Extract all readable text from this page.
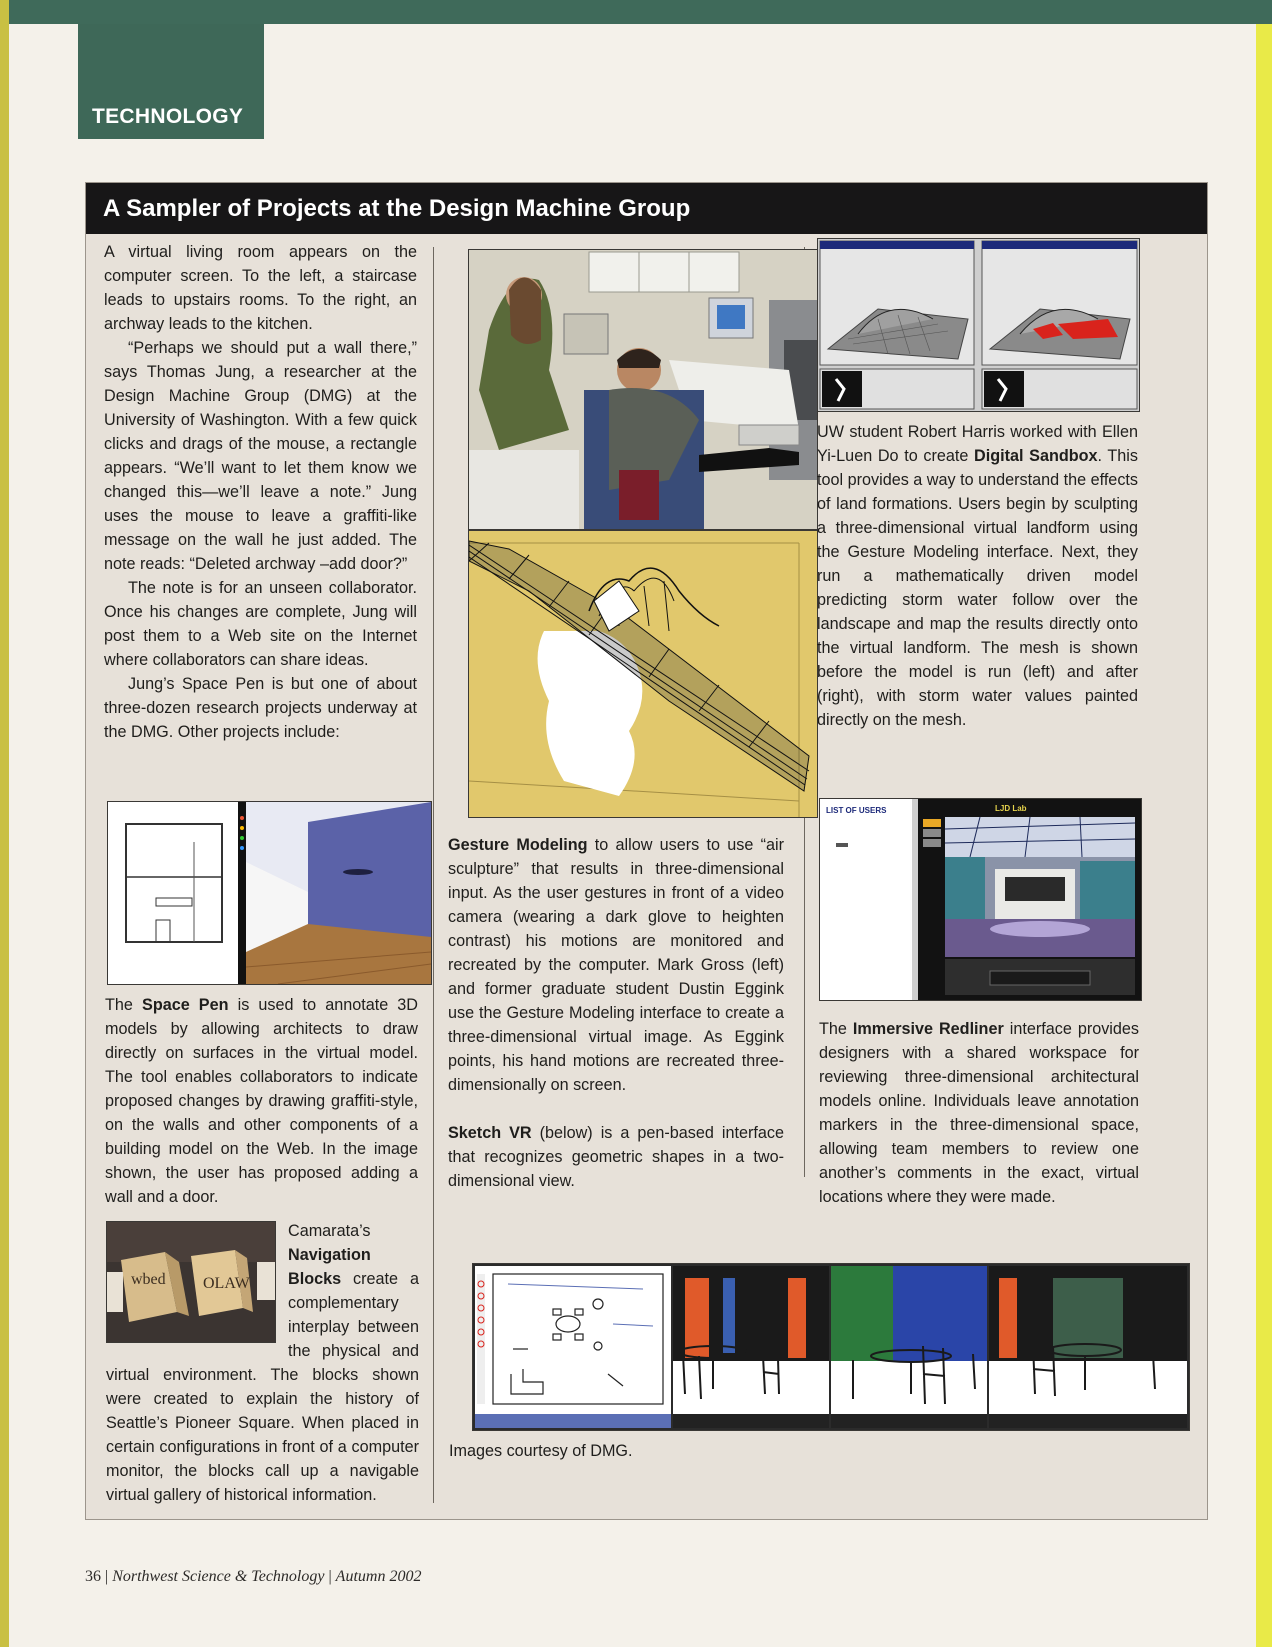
TECHNOLOGY
A Sampler of Projects at the Design Machine Group

A virtual living room appears on the computer screen. To the left, a staircase leads to upstairs rooms. To the right, an archway leads to the kitchen.

“Perhaps we should put a wall there,” says Thomas Jung, a researcher at the Design Machine Group (DMG) at the University of Washington. With a few quick clicks and drags of the mouse, a rectangle appears. “We’ll want to let them know we changed this—we’ll leave a note.” Jung uses the mouse to leave a graffiti-like message on the wall he just added. The note reads: “Deleted archway –add door?”

The note is for an unseen collaborator. Once his changes are complete, Jung will post them to a Web site on the Internet where collaborators can share ideas.

Jung’s Space Pen is but one of about three-dozen research projects underway at the DMG. Other projects include:

The Space Pen is used to annotate 3D models by allowing architects to draw directly on surfaces in the virtual model. The tool enables collaborators to indicate proposed changes by drawing graffiti-style, on the walls and other components of a building model on the Web. In the image shown, the user has proposed adding a wall and a door.

wbed OLAW
Camarata’s Navigation Blocks create a complementary interplay between the physical and virtual environment. The blocks shown were created to explain the history of Seattle’s Pioneer Square. When placed in certain configurations in front of a computer monitor, the blocks call up a navigable virtual gallery of historical information.

Gesture Modeling to allow users to use “air sculpture” that results in three-dimensional input. As the user gestures in front of a video camera (wearing a dark glove to heighten contrast) his motions are monitored and recreated by the computer. Mark Gross (left) and former graduate student Dustin Eggink use the Gesture Modeling interface to create a three-dimensional virtual image. As Eggink points, his hand motions are recreated three-dimensionally on screen.

Sketch VR (below) is a pen-based interface that recognizes geometric shapes in a two-dimensional view.

UW student Robert Harris worked with Ellen Yi-Luen Do to create Digital Sandbox. This tool provides a way to understand the effects of land formations. Users begin by sculpting a three-dimensional virtual landform using the Gesture Modeling interface. Next, they run a mathematically driven model predicting storm water follow over the landscape and map the results directly onto the virtual landform. The mesh is shown before the model is run (left) and after (right), with storm water values painted directly on the mesh.

LIST OF USERS	LJD Lab

The Immersive Redliner interface provides designers with a shared workspace for reviewing three-dimensional architectural models online. Individuals leave annotation markers in the three-dimensional space, allowing team members to review one another’s comments in the exact, virtual locations where they were made.

Images courtesy of DMG.
36 | Northwest Science & Technology | Autumn 2002
